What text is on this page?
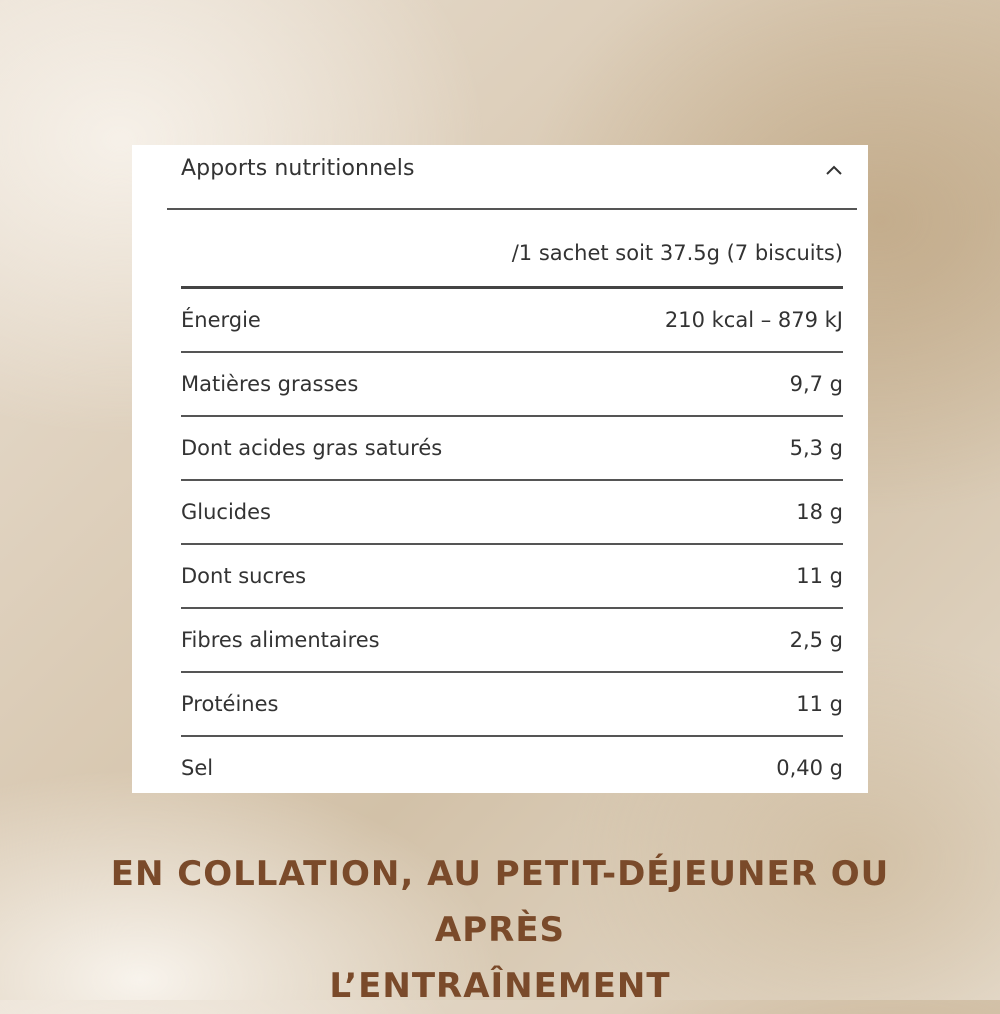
Apports nutritionnels
/1 sachet soit 37.5g (7 biscuits)
Énergie	210 kcal – 879 kJ
Matières grasses	9,7 g
Dont acides gras saturés	5,3 g
Glucides	18 g
Dont sucres	11 g
Fibres alimentaires	2,5 g
Protéines	11 g
Sel	0,40 g
EN COLLATION, AU PETIT-DÉJEUNER OU APRÈS
L’ENTRAÎNEMENT
